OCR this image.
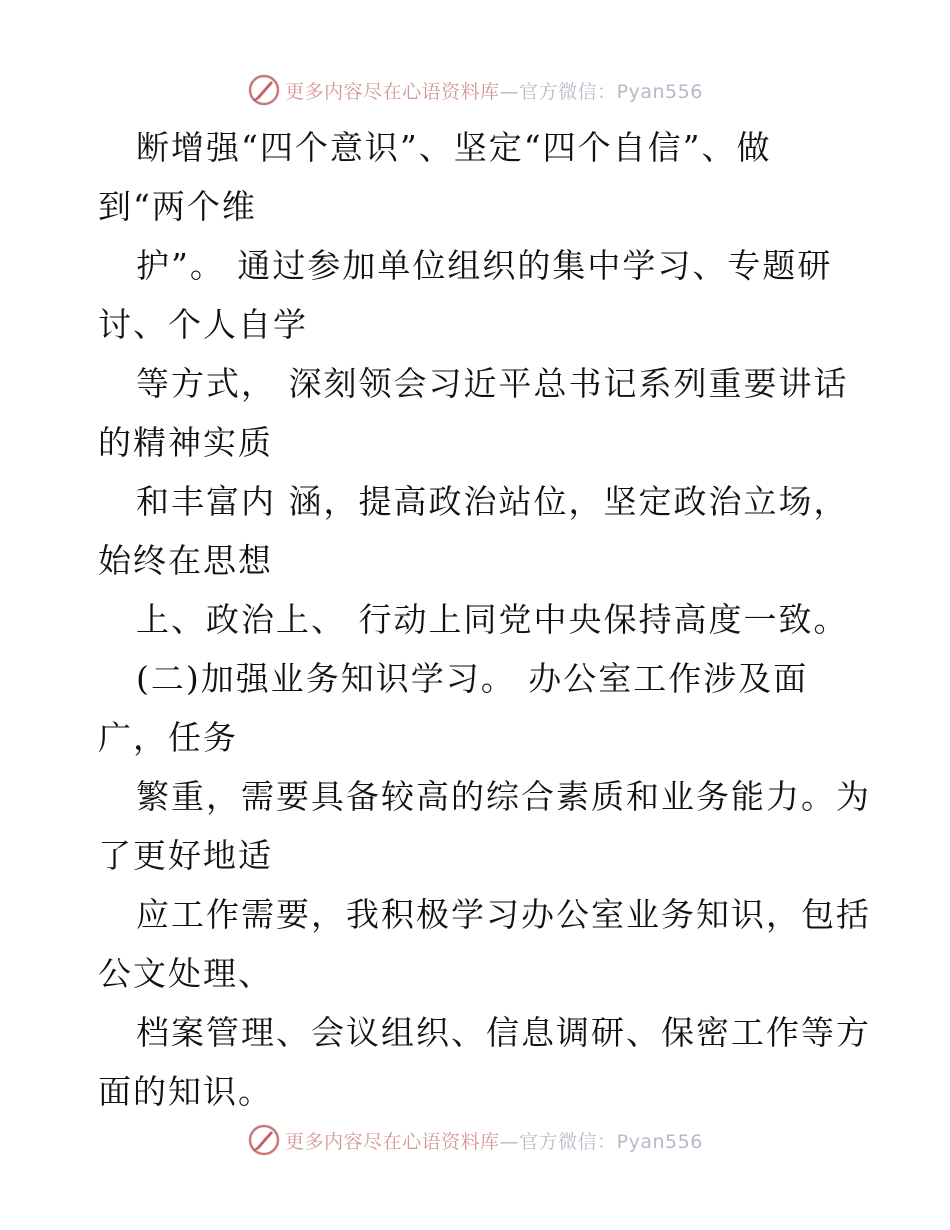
更多内容尽在心语资料库 —官方微信：Pyan556
断增强“四个意识”、坚定“四个自信”、做
到“两个维
护”。 通过参加单位组织的集中学习、专题研
讨、个人自学
等方式， 深刻领会习近平总书记系列重要讲话
的精神实质
和丰富内 涵，提高政治站位，坚定政治立场，
始终在思想
上、政治上、 行动上同党中央保持高度一致。
(二)加强业务知识学习。 办公室工作涉及面
广，任务
繁重，需要具备较高的综合素质和业务能力。为
了更好地适
应工作需要，我积极学习办公室业务知识，包括
公文处理、
档案管理、会议组织、信息调研、保密工作等方
面的知识。
更多内容尽在心语资料库 —官方微信：Pyan556
